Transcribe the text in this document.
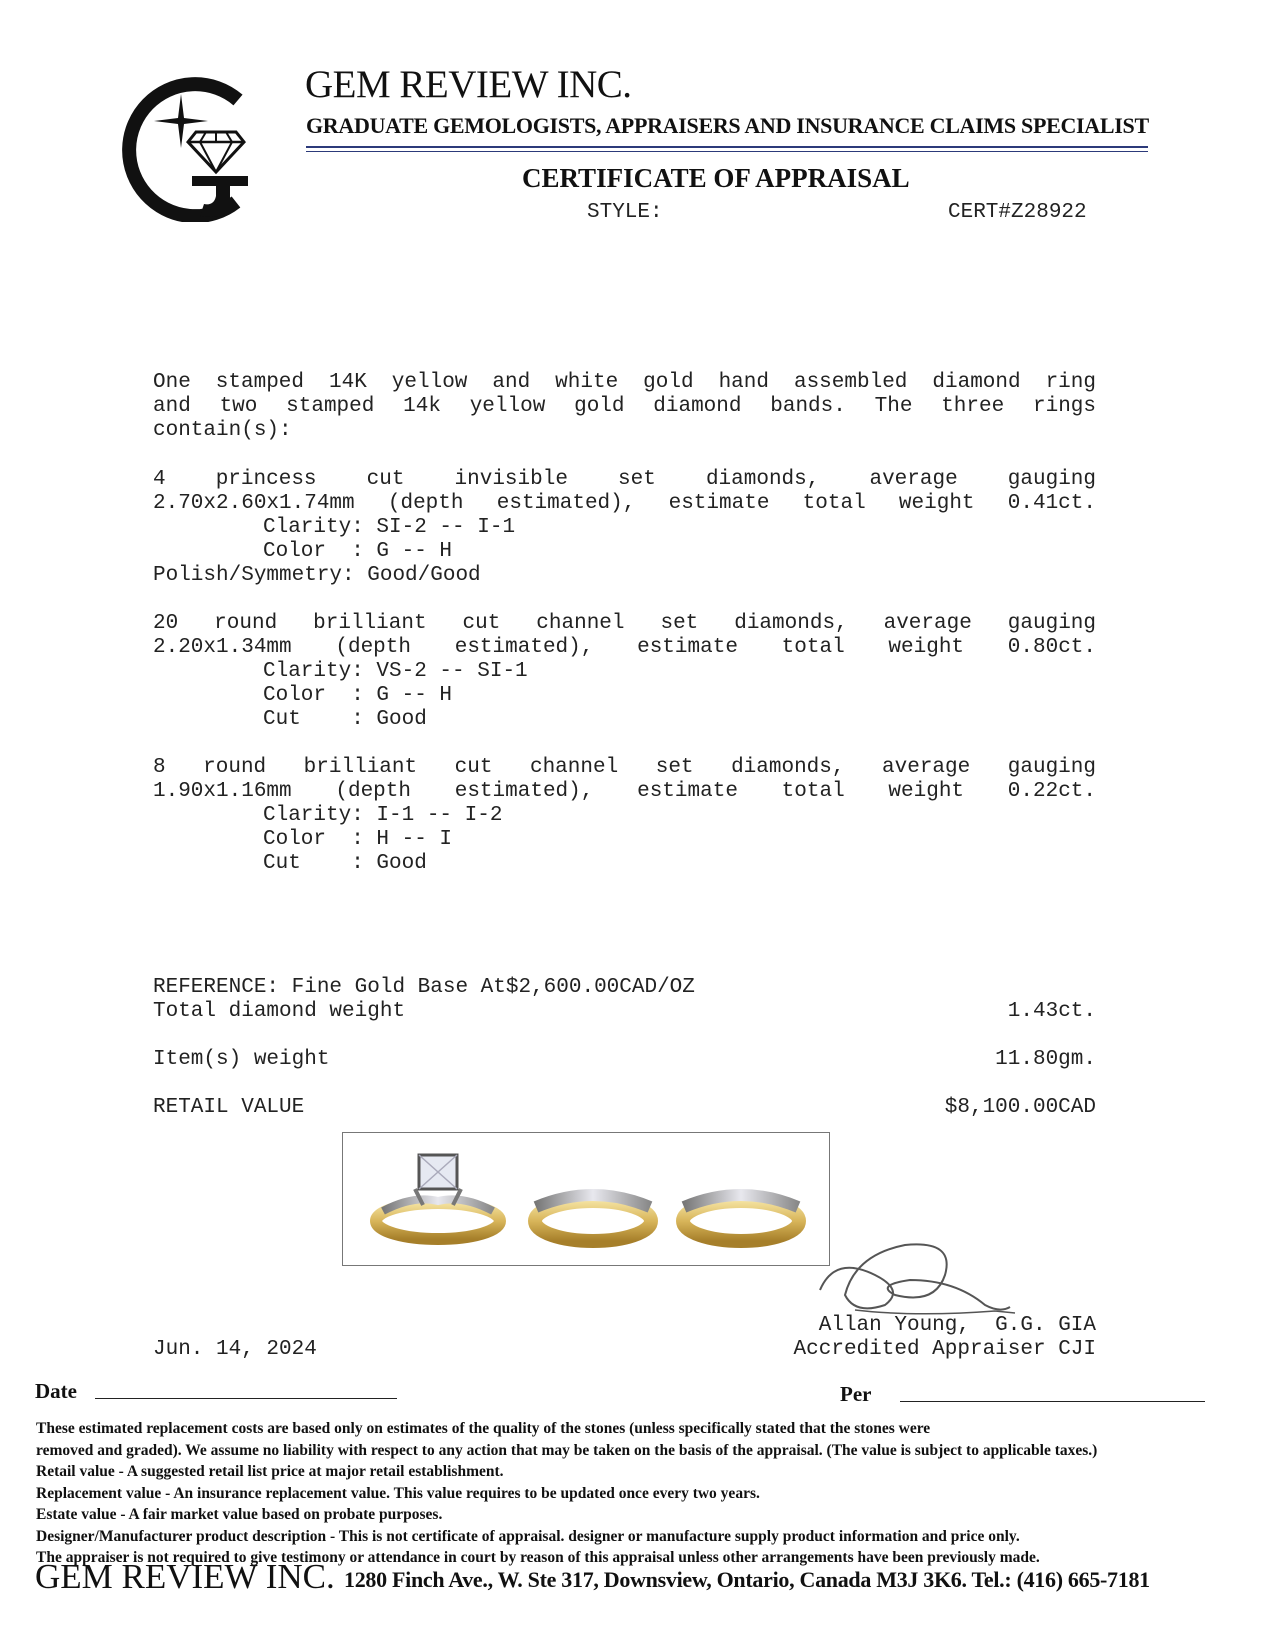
GEM REVIEW INC.
GRADUATE GEMOLOGISTS, APPRAISERS AND INSURANCE CLAIMS SPECIALIST
CERTIFICATE OF APPRAISAL
STYLE:	CERT#Z28922
One stamped 14K yellow and white gold hand assembled diamond ring
and two stamped 14k yellow gold diamond bands. The three rings
contain(s):
4 princess cut invisible set diamonds, average gauging
2.70x2.60x1.74mm (depth estimated), estimate total weight 0.41ct.
Clarity: SI-2 -- I-1
Color  : G -- H
Polish/Symmetry: Good/Good
20 round brilliant cut channel set diamonds, average gauging
2.20x1.34mm (depth estimated), estimate total weight 0.80ct.
Clarity: VS-2 -- SI-1
Color  : G -- H
Cut    : Good
8 round brilliant cut channel set diamonds, average gauging
1.90x1.16mm (depth estimated), estimate total weight 0.22ct.
Clarity: I-1 -- I-2
Color  : H -- I
Cut    : Good
REFERENCE: Fine Gold Base At$2,600.00CAD/OZ
Total diamond weight	1.43ct.
Item(s) weight	11.80gm.
RETAIL VALUE	$8,100.00CAD
Allan Young,  G.G. GIA
Jun. 14, 2024	Accredited Appraiser CJI
Date	Per
These estimated replacement costs are based only on estimates of the quality of the stones (unless specifically stated that the stones were
removed and graded). We assume no liability with respect to any action that may be taken on the basis of the appraisal. (The value is subject to applicable taxes.)
Retail value - A suggested retail list price at major retail establishment.
Replacement value - An insurance replacement value. This value requires to be updated once every two years.
Estate value - A fair market value based on probate purposes.
Designer/Manufacturer product description - This is not certificate of appraisal. designer or manufacture supply product information and price only.
The appraiser is not required to give testimony or attendance in court by reason of this appraisal unless other arrangements have been previously made.
GEM REVIEW INC. 1280 Finch Ave., W. Ste 317, Downsview, Ontario, Canada M3J 3K6. Tel.: (416) 665-7181
